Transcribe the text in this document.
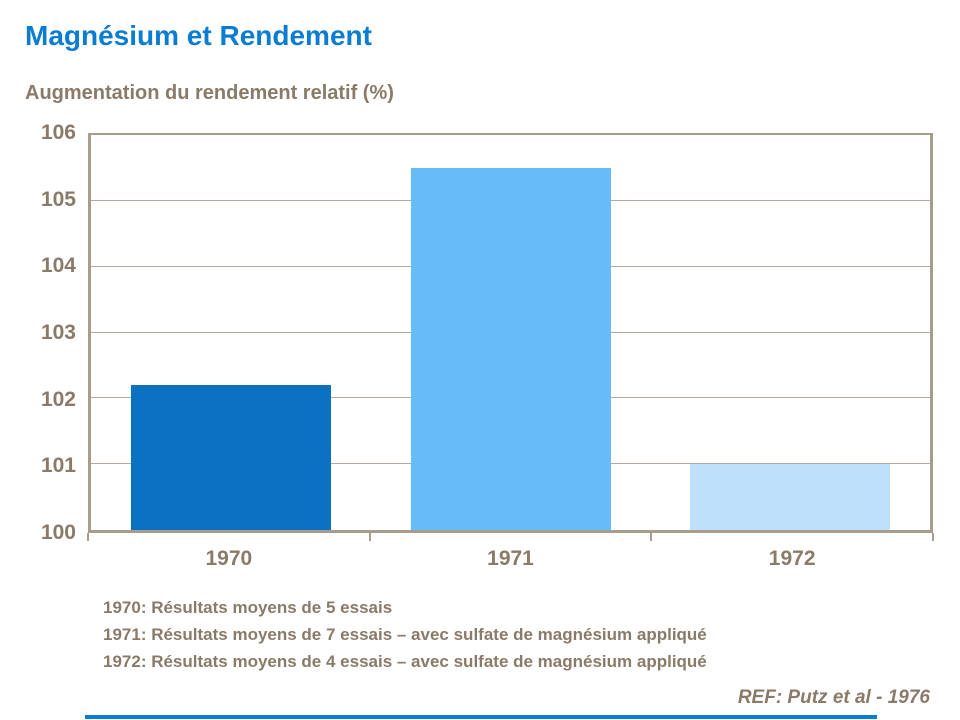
Magnésium et Rendement
Augmentation du rendement relatif (%)
1970: Résultats moyens de 5 essais
1971: Résultats moyens de 7 essais – avec sulfate de magnésium appliqué
1972: Résultats moyens de 4 essais – avec sulfate de magnésium appliqué
REF: Putz et al - 1976
100
101
102
103
104
105
106
1970	1971	1972
